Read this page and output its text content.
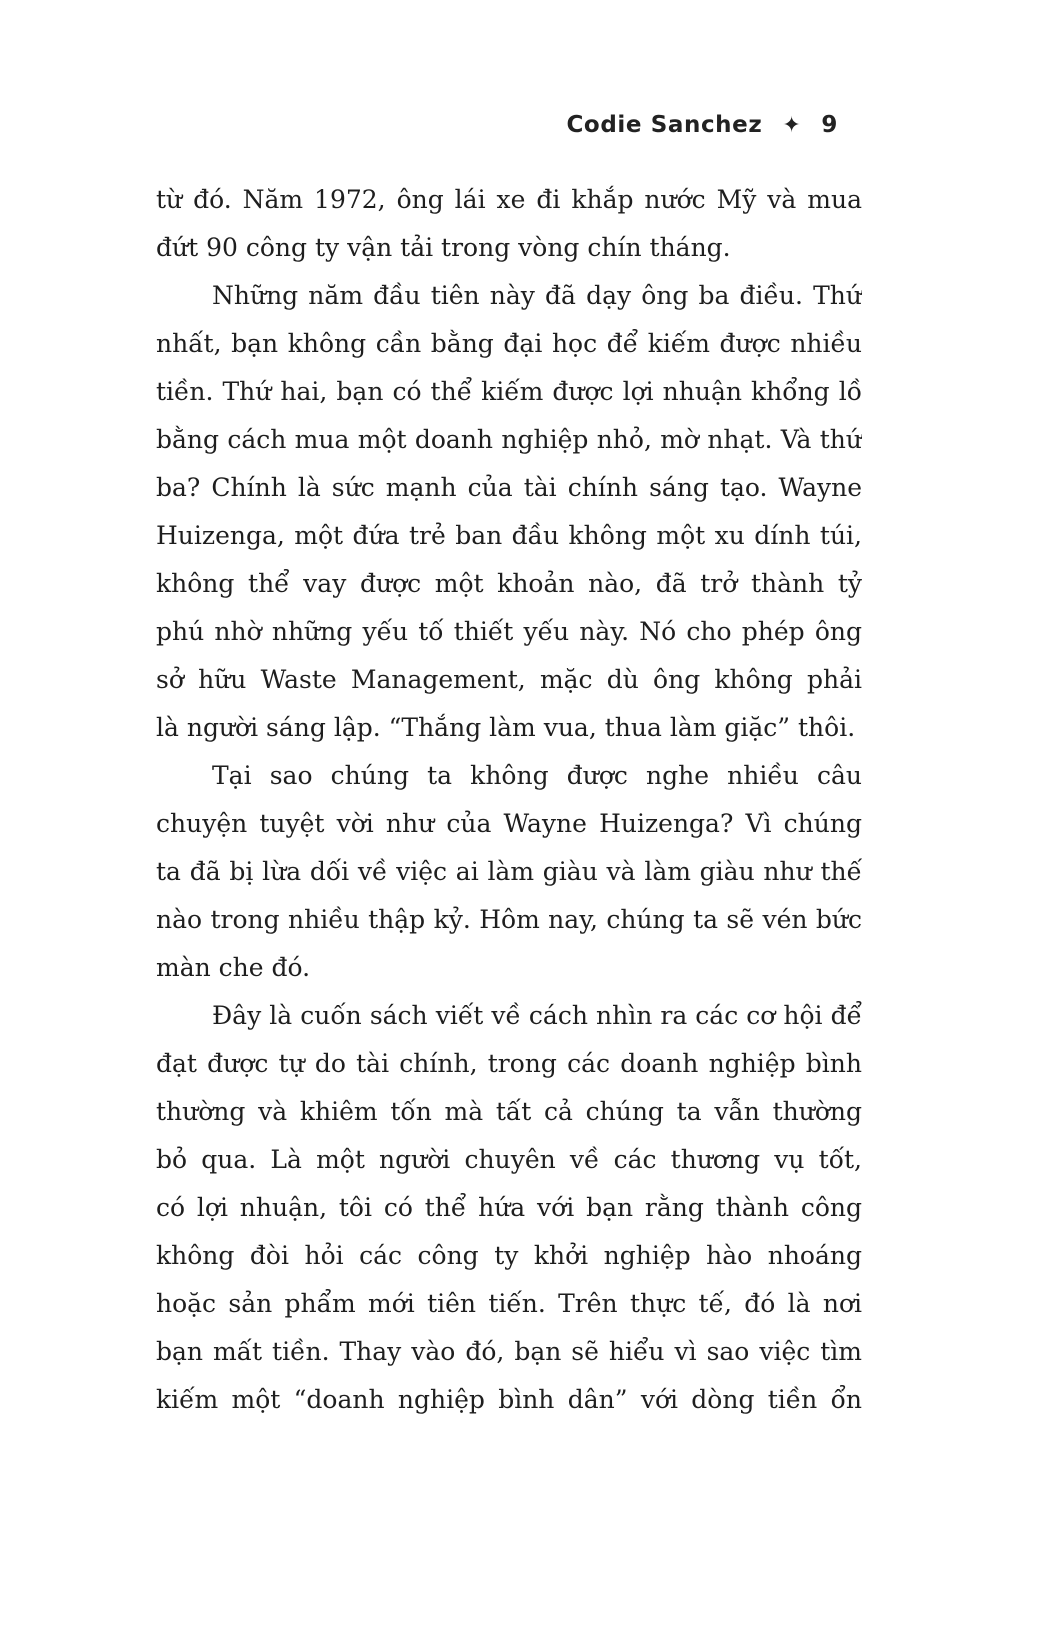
Codie Sanchez ✦ 9
từ đó. Năm 1972, ông lái xe đi khắp nước Mỹ và mua
đứt 90 công ty vận tải trong vòng chín tháng.
Những năm đầu tiên này đã dạy ông ba điều. Thứ
nhất, bạn không cần bằng đại học để kiếm được nhiều
tiền. Thứ hai, bạn có thể kiếm được lợi nhuận khổng lồ
bằng cách mua một doanh nghiệp nhỏ, mờ nhạt. Và thứ
ba? Chính là sức mạnh của tài chính sáng tạo. Wayne
Huizenga, một đứa trẻ ban đầu không một xu dính túi,
không thể vay được một khoản nào, đã trở thành tỷ
phú nhờ những yếu tố thiết yếu này. Nó cho phép ông
sở hữu Waste Management, mặc dù ông không phải
là người sáng lập. “Thắng làm vua, thua làm giặc” thôi.
Tại sao chúng ta không được nghe nhiều câu
chuyện tuyệt vời như của Wayne Huizenga? Vì chúng
ta đã bị lừa dối về việc ai làm giàu và làm giàu như thế
nào trong nhiều thập kỷ. Hôm nay, chúng ta sẽ vén bức
màn che đó.
Đây là cuốn sách viết về cách nhìn ra các cơ hội để
đạt được tự do tài chính, trong các doanh nghiệp bình
thường và khiêm tốn mà tất cả chúng ta vẫn thường
bỏ qua. Là một người chuyên về các thương vụ tốt,
có lợi nhuận, tôi có thể hứa với bạn rằng thành công
không đòi hỏi các công ty khởi nghiệp hào nhoáng
hoặc sản phẩm mới tiên tiến. Trên thực tế, đó là nơi
bạn mất tiền. Thay vào đó, bạn sẽ hiểu vì sao việc tìm
kiếm một “doanh nghiệp bình dân” với dòng tiền ổn
